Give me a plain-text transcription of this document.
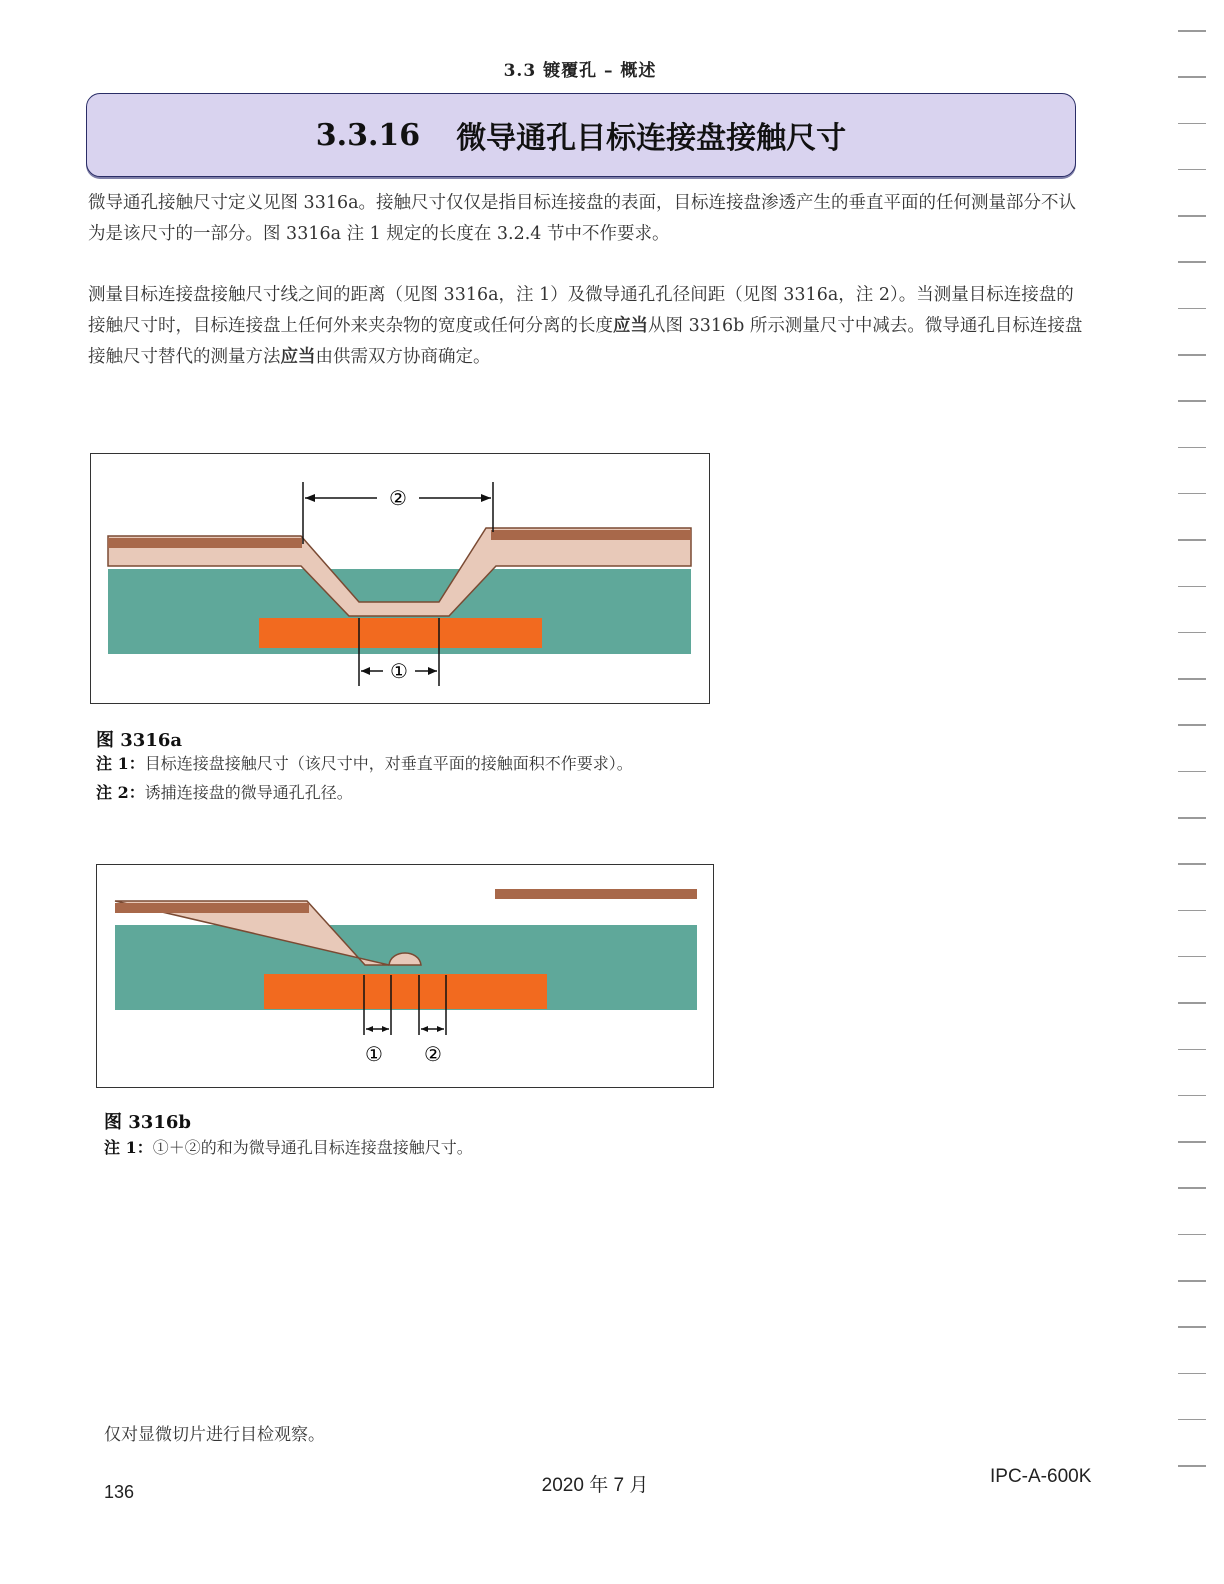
3.3 镀覆孔 – 概述
3.3.16 微导通孔目标连接盘接触尺寸

微导通孔接触尺寸定义见图 3316a。接触尺寸仅仅是指目标连接盘的表面，目标连接盘渗透产生的垂直平面的任何测量部分不认为是该尺寸的一部分。图 3316a 注 1 规定的长度在 3.2.4 节中不作要求。

测量目标连接盘接触尺寸线之间的距离（见图 3316a，注 1）及微导通孔孔径间距（见图 3316a，注 2）。当测量目标连接盘的接触尺寸时，目标连接盘上任何外来夹杂物的宽度或任何分离的长度应当从图 3316b 所示测量尺寸中减去。微导通孔目标连接盘接触尺寸替代的测量方法应当由供需双方协商确定。

②
①
图 3316a
注 1：目标连接盘接触尺寸（该尺寸中，对垂直平面的接触面积不作要求）。
注 2：诱捕连接盘的微导通孔孔径。
① ②
图 3316b
注 1：①＋②的和为微导通孔目标连接盘接触尺寸。
仅对显微切片进行目检观察。
136	2020 年 7 月	IPC-A-600K
